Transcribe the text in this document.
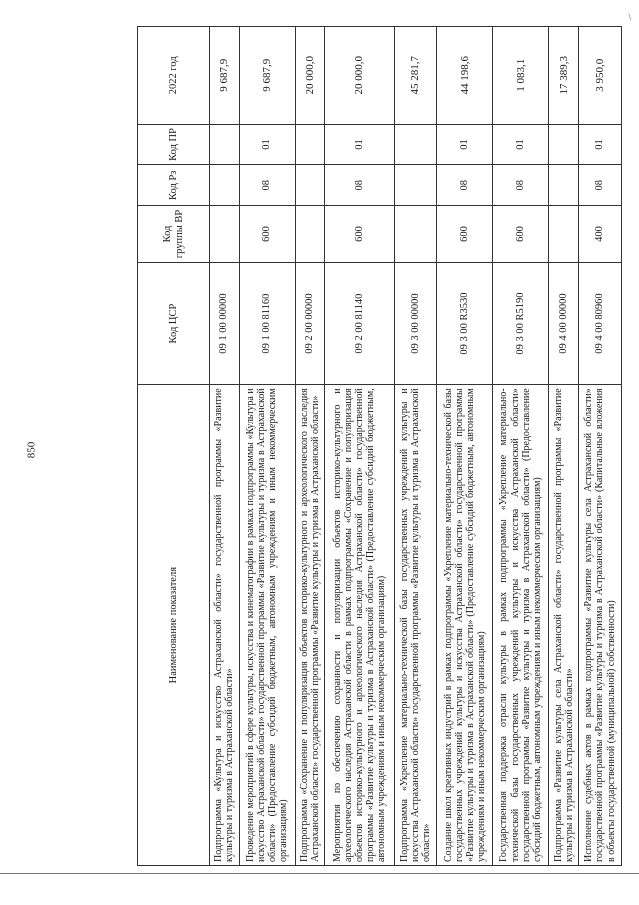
850
\
Наименование показателя	Код ЦСР	Код группы ВР	Код Рз	Код ПР	2022 год
Подпрограмма «Культура и искусство Астраханской области» государственной программы «Развитие культуры и туризма в Астраханской области»	09 1 00 00000				9 687,9
Проведение мероприятий в сфере культуры, искусства и кинематографии в рамках подпрограммы «Культура и искусство Астраханской области» государственной программы «Развитие культуры и туризма в Астраханской области» (Предоставление субсидий бюджетным, автономным учреждениям и иным некоммерческим организациям)	09 1 00 81160	600	08	01	9 687,9
Подпрограмма «Сохранение и популяризация объектов историко-культурного и археологического наследия Астраханской области» государственной программы «Развитие культуры и туризма в Астраханской области»	09 2 00 00000				20 000,0
Мероприятия по обеспечению сохранности и популяризации объектов историко-культурного и археологического наследия Астраханской области в рамках подпрограммы «Сохранение и популяризация объектов историко-культурного и археологического наследия Астраханской области» государственной программы «Развитие культуры и туризма в Астраханской области» (Предоставление субсидий бюджетным, автономным учреждениям и иным некоммерческим организациям)	09 2 00 81140	600	08	01	20 000,0
Подпрограмма «Укрепление материально-технической базы государственных учреждений культуры и искусства Астраханской области» государственной программы «Развитие культуры и туризма в Астраханской области»	09 3 00 00000				45 281,7
Создание школ креативных индустрий в рамках подпрограммы «Укрепление материально-технической базы государственных учреждений культуры и искусства Астраханской области» государственной программы «Развитие культуры и туризма в Астраханской области» (Предоставление субсидий бюджетным, автономным учреждениям и иным некоммерческим организациям)	09 3 00 R3530	600	08	01	44 198,6
Государственная поддержка отрасли культуры в рамках подпрограммы «Укрепление материально-технической базы государственных учреждений культуры и искусства Астраханской области» государственной программы «Развитие культуры и туризма в Астраханской области» (Предоставление субсидий бюджетным, автономным учреждениям и иным некоммерческим организациям)	09 3 00 R5190	600	08	01	1 083,1
Подпрограмма «Развитие культуры села Астраханской области» государственной программы «Развитие культуры и туризма в Астраханской области»	09 4 00 00000				17 389,3
Исполнение судебных актов в рамках подпрограммы «Развитие культуры села Астраханской области» государственной программы «Развитие культуры и туризма в Астраханской области» (Капитальные вложения в объекты государственной (муниципальной) собственности)	09 4 00 80960	400	08	01	3 950,0
